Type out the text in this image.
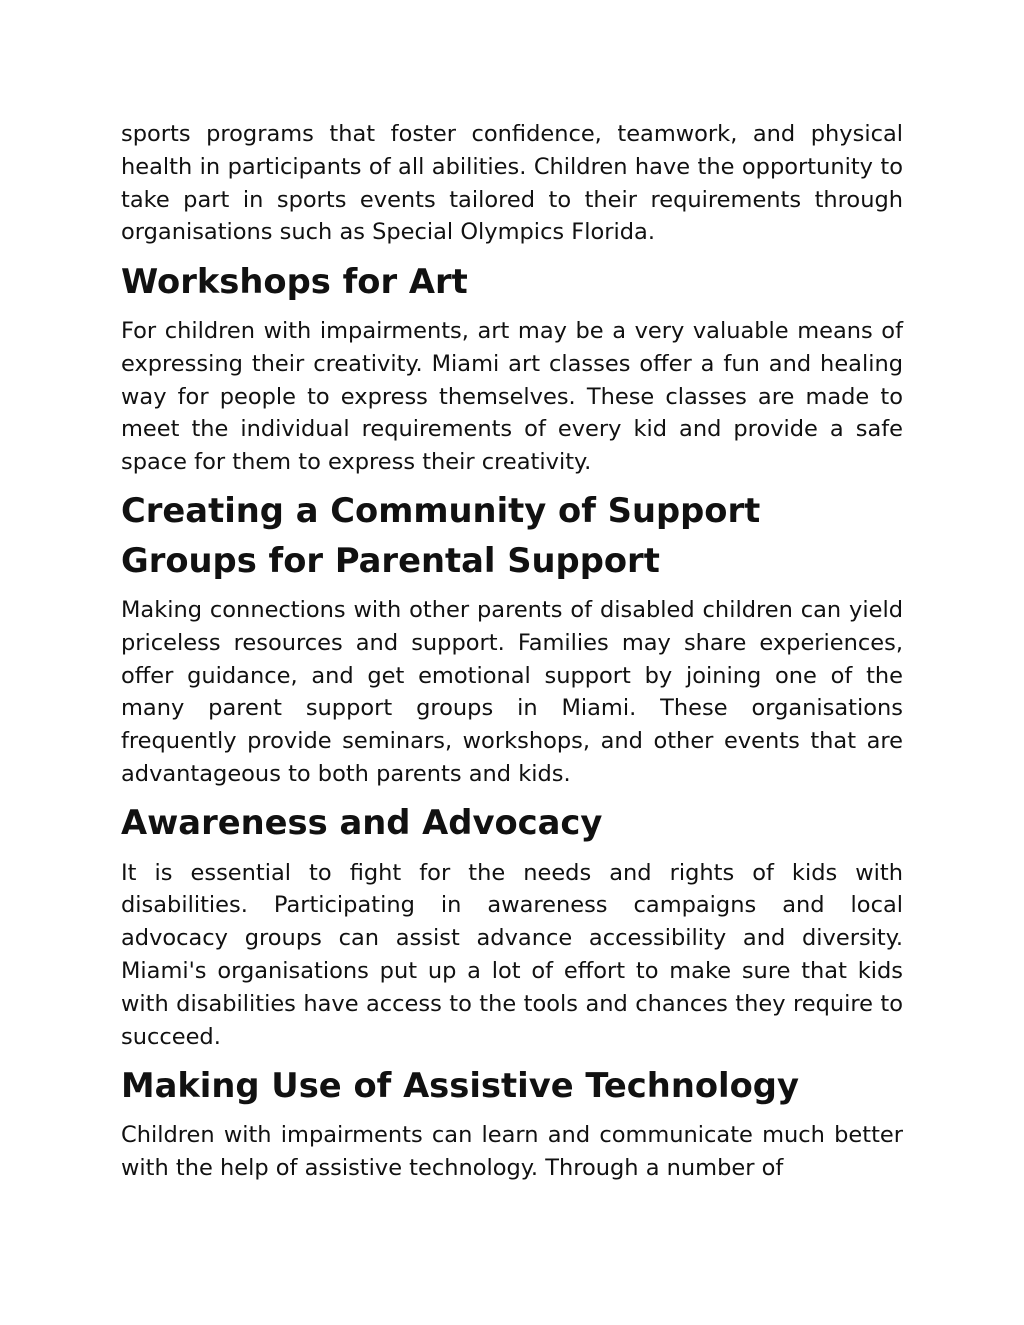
sports programs that foster confidence, teamwork, and physical health in participants of all abilities. Children have the opportunity to take part in sports events tailored to their requirements through organisations such as Special Olympics Florida.

Workshops for Art

For children with impairments, art may be a very valuable means of expressing their creativity. Miami art classes offer a fun and healing way for people to express themselves. These classes are made to meet the individual requirements of every kid and provide a safe space for them to express their creativity.

Creating a Community of Support
Groups for Parental Support

Making connections with other parents of disabled children can yield priceless resources and support. Families may share experiences, offer guidance, and get emotional support by joining one of the many parent support groups in Miami. These organisations frequently provide seminars, workshops, and other events that are advantageous to both parents and kids.

Awareness and Advocacy

It is essential to fight for the needs and rights of kids with disabilities. Participating in awareness campaigns and local advocacy groups can assist advance accessibility and diversity. Miami's organisations put up a lot of effort to make sure that kids with disabilities have access to the tools and chances they require to succeed.

Making Use of Assistive Technology

Children with impairments can learn and communicate much better with the help of assistive technology. Through a number of
